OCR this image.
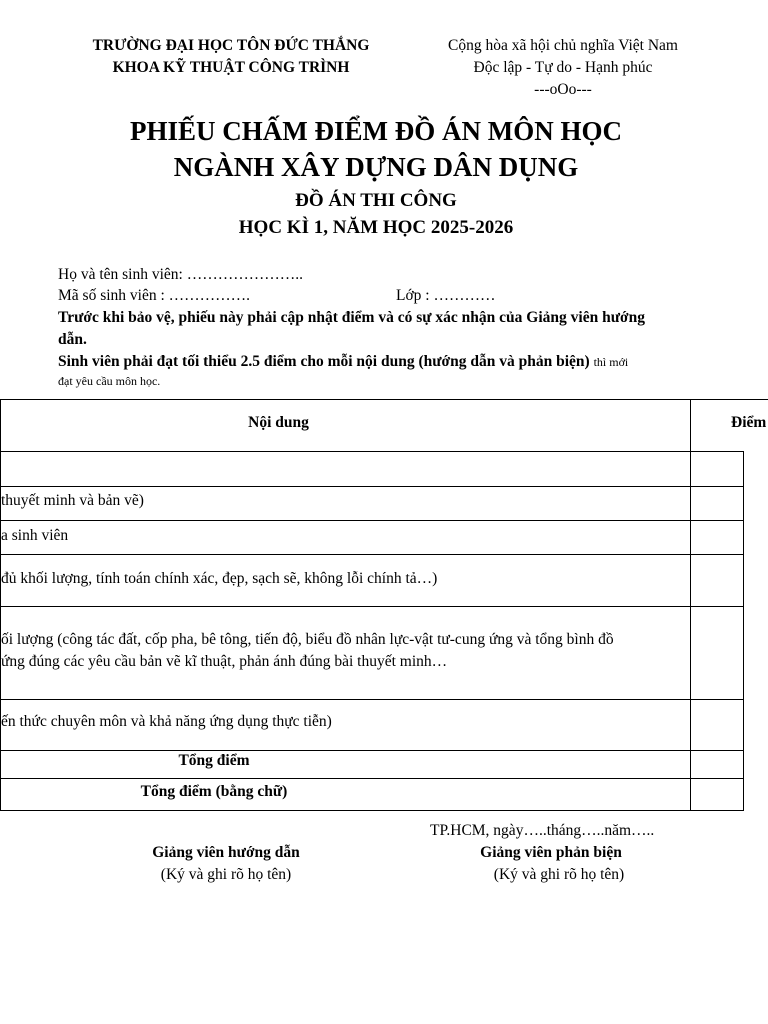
TRƯỜNG ĐẠI HỌC TÔN ĐỨC THẮNG
KHOA KỸ THUẬT CÔNG TRÌNH
Cộng hòa xã hội chủ nghĩa Việt Nam
Độc lập - Tự do - Hạnh phúc
---oOo---
PHIẾU CHẤM ĐIỂM ĐỒ ÁN MÔN HỌC
NGÀNH XÂY DỰNG DÂN DỤNG
ĐỒ ÁN THI CÔNG
HỌC KÌ 1, NĂM HỌC 2025-2026
Họ và tên sinh viên: …………………..
Mã số sinh viên : …………….	Lớp : …………
Trước khi bảo vệ, phiếu này phải cập nhật điểm và có sự xác nhận của Giảng viên hướng
dẫn.
Sinh viên phải đạt tối thiểu 2.5 điểm cho mỗi nội dung (hướng dẫn và phản biện) thì mới
đạt yêu cầu môn học.
Nội dung	Điểm
thuyết minh và bản vẽ)
a sinh viên
đủ khối lượng, tính toán chính xác, đẹp, sạch sẽ, không lỗi chính tả…)
ối lượng (công tác đất, cốp pha, bê tông, tiến độ, biểu đồ nhân lực-vật tư-cung ứng và tổng bình đồ
ứng đúng các yêu cầu bản vẽ kĩ thuật, phản ánh đúng bài thuyết minh…
ến thức chuyên môn và khả năng ứng dụng thực tiễn)
Tổng điểm
Tổng điểm (bằng chữ)
TP.HCM, ngày…..tháng…..năm…..
Giảng viên hướng dẫn
(Ký và ghi rõ họ tên)
Giảng viên phản biện
(Ký và ghi rõ họ tên)
